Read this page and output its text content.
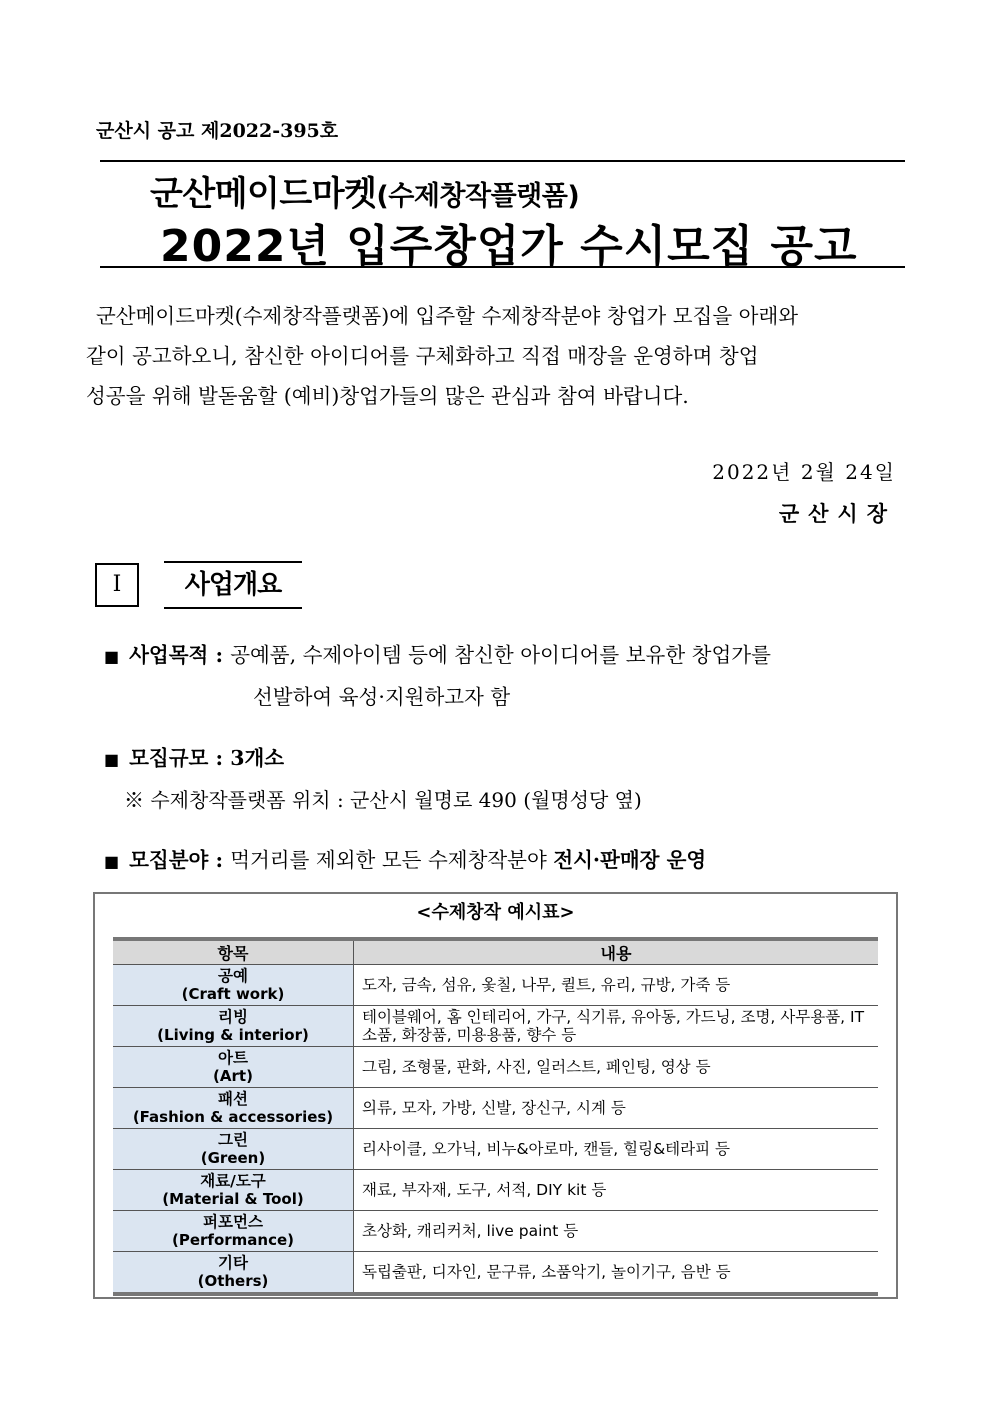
군산시 공고 제2022-395호
군산메이드마켓(수제창작플랫폼)
2022년 입주창업가 수시모집 공고

군산메이드마켓(수제창작플랫폼)에 입주할 수제창작분야 창업가 모집을 아래와

같이 공고하오니, 참신한 아이디어를 구체화하고 직접 매장을 운영하며 창업

성공을 위해 발돋움할 (예비)창업가들의 많은 관심과 참여 바랍니다.

2022년 2월 24일
군산시장
I	사업개요
■ 사업목적 : 공예품, 수제아이템 등에 참신한 아이디어를 보유한 창업가를
선발하여 육성·지원하고자 함
■ 모집규모 : 3개소
※ 수제창작플랫폼 위치 : 군산시 월명로 490 (월명성당 옆)
■ 모집분야 : 먹거리를 제외한 모든 수제창작분야 전시·판매장 운영
<수제창작 예시표>
항목	내용

공예
(Craft work)	도자, 금속, 섬유, 옻칠, 나무, 퀼트, 유리, 규방, 가죽 등

리빙
(Living & interior)	테이블웨어, 홈 인테리어, 가구, 식기류, 유아동, 가드닝, 조명, 사무용품, IT소품, 화장품, 미용용품, 향수 등

아트
(Art)	그림, 조형물, 판화, 사진, 일러스트, 페인팅, 영상 등

패션
(Fashion & accessories)	의류, 모자, 가방, 신발, 장신구, 시계 등

그린
(Green)	리사이클, 오가닉, 비누&아로마, 캔들, 힐링&테라피 등

재료/도구
(Material & Tool)	재료, 부자재, 도구, 서적, DIY kit 등

퍼포먼스
(Performance)	초상화, 캐리커처, live paint 등

기타
(Others)	독립출판, 디자인, 문구류, 소품악기, 놀이기구, 음반 등
